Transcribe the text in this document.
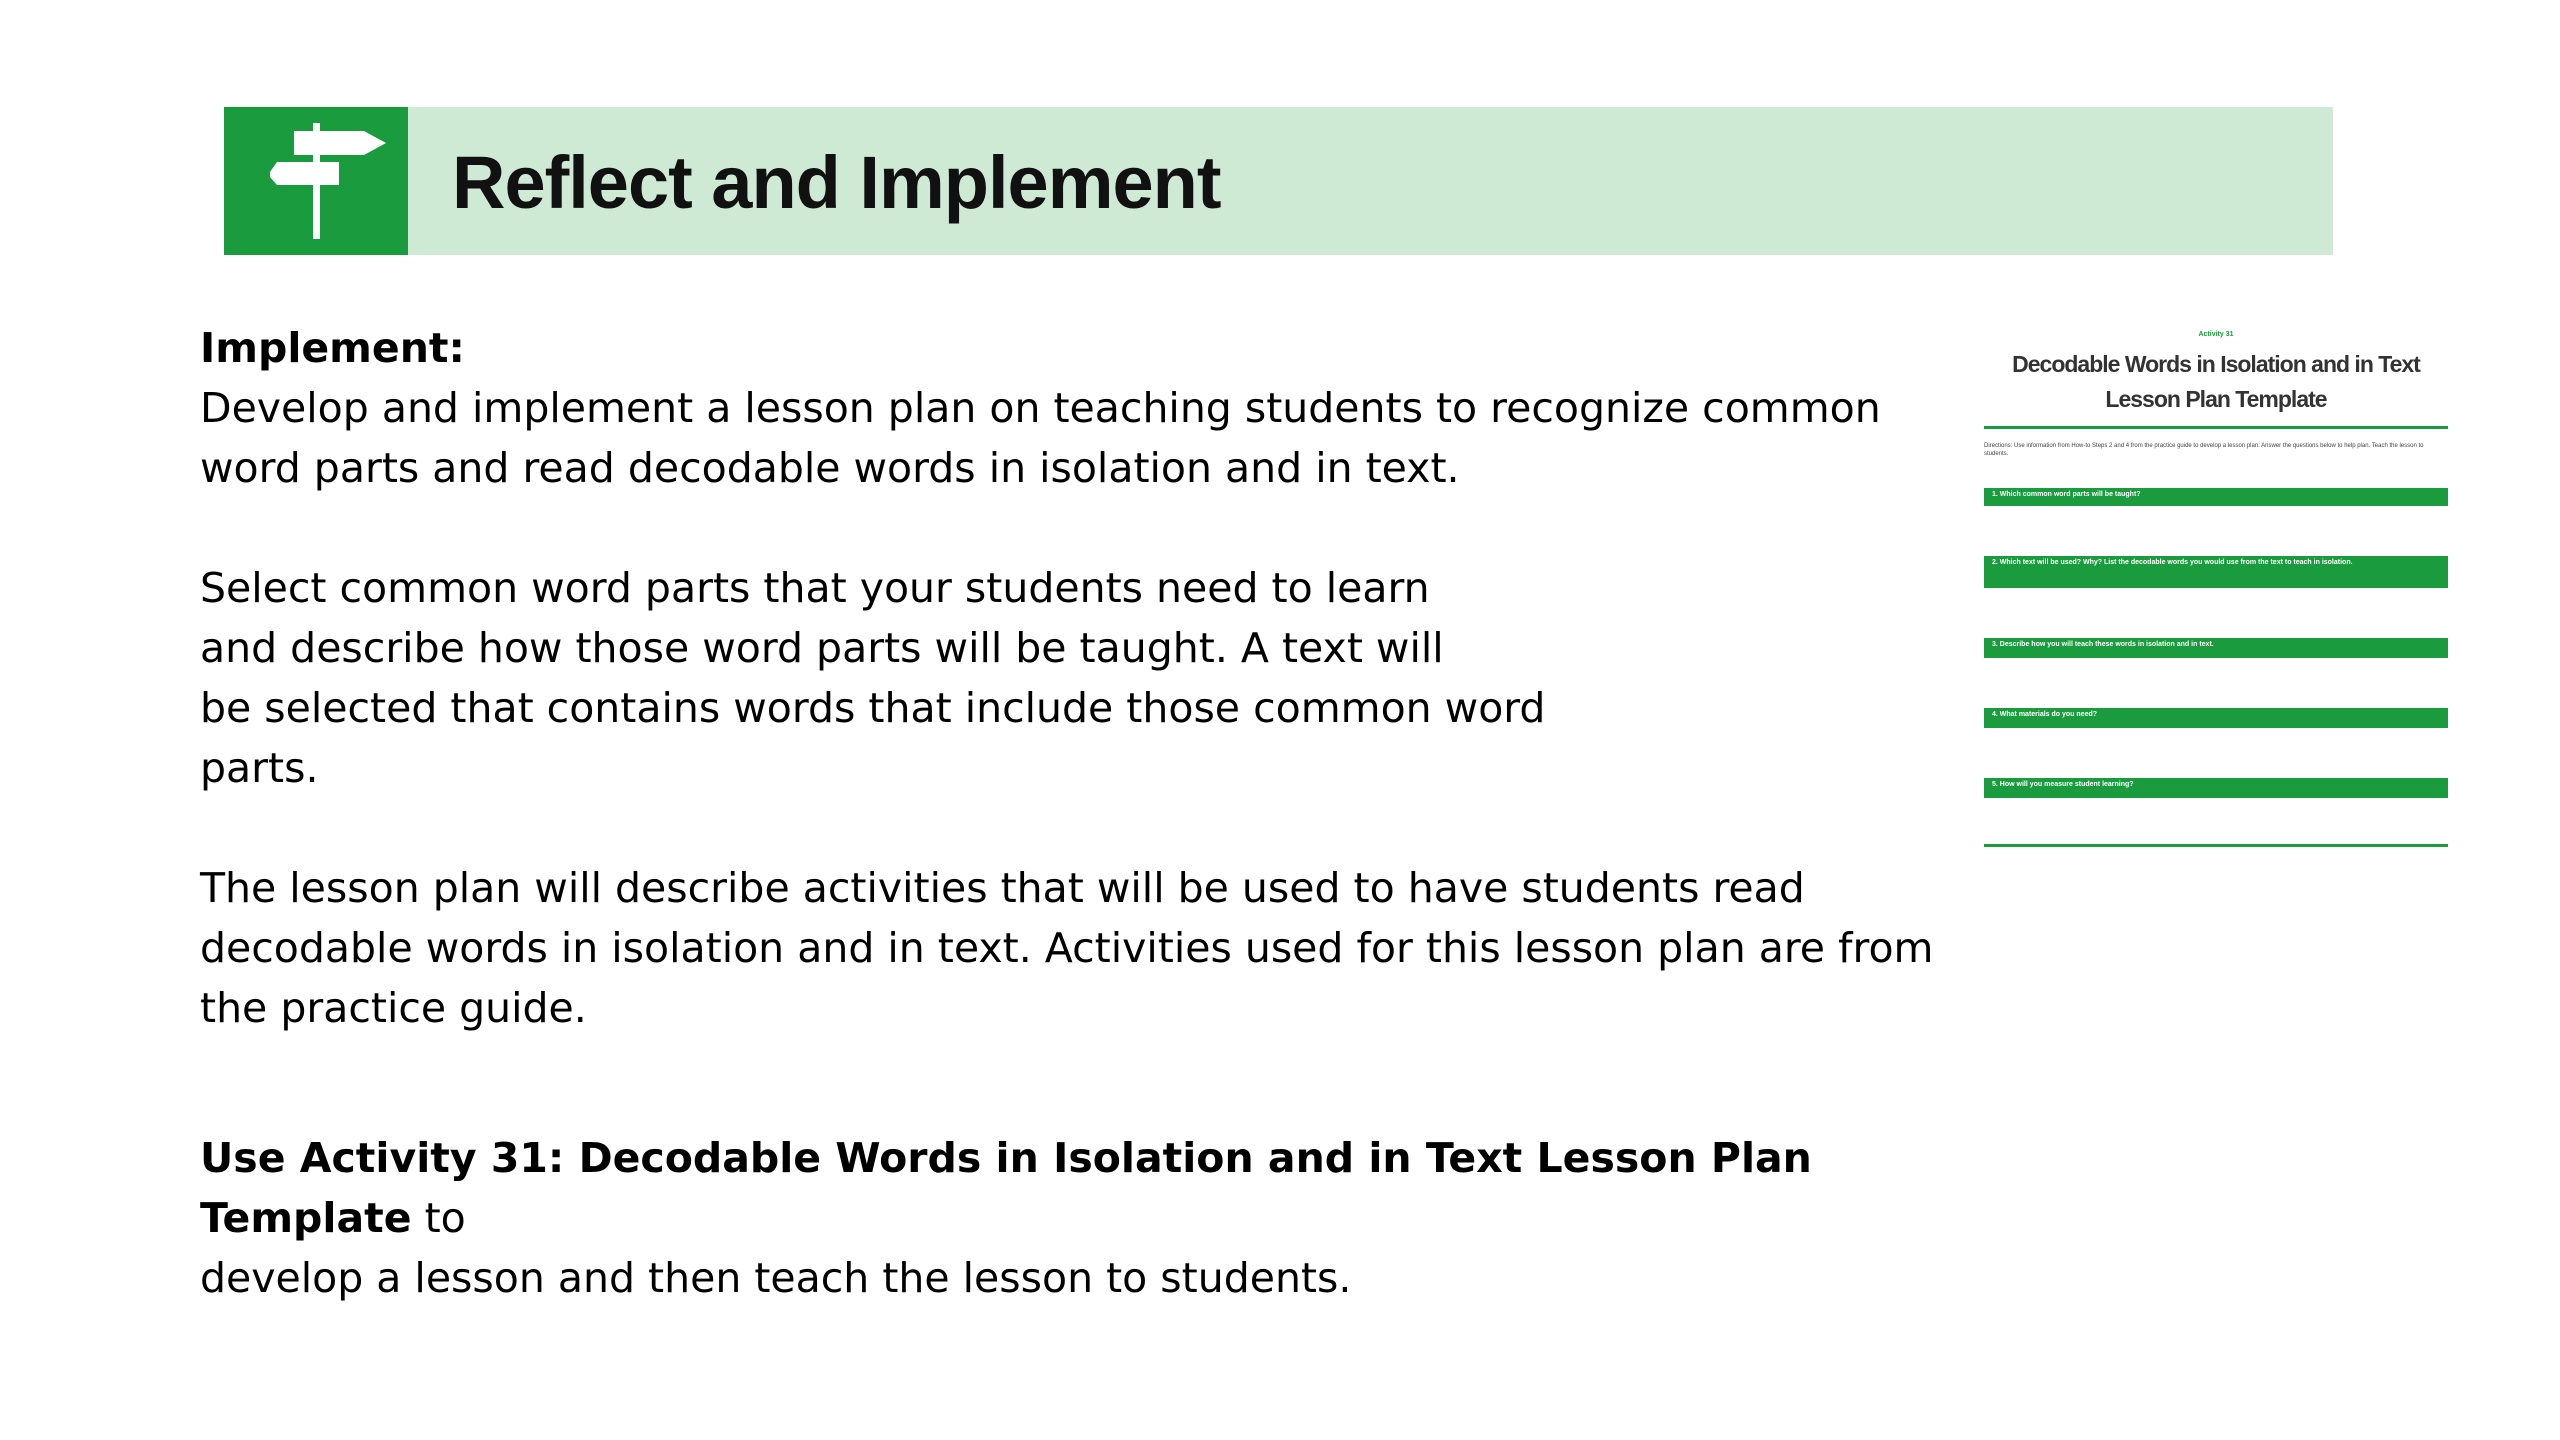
Reflect and Implement

Implement:

Develop and implement a lesson plan on teaching students to recognize common

word parts and read decodable words in isolation and in text.

Select common word parts that your students need to learn

and describe how those word parts will be taught. A text will

be selected that contains words that include those common word

parts.

The lesson plan will describe activities that will be used to have students read

decodable words in isolation and in text. Activities used for this lesson plan are from

the practice guide.

Use Activity 31: Decodable Words in Isolation and in Text Lesson Plan Template to

develop a lesson and then teach the lesson to students.

Activity 31
Decodable Words in Isolation and in Text
Lesson Plan Template
Directions: Use information from How-to Steps 2 and 4 from the practice guide to develop a lesson plan. Answer the questions below to help plan. Teach the lesson to students.
1. Which common word parts will be taught?
2. Which text will be used? Why? List the decodable words you would use from the text to teach in isolation.
3. Describe how you will teach these words in isolation and in text.
4. What materials do you need?
5. How will you measure student learning?
